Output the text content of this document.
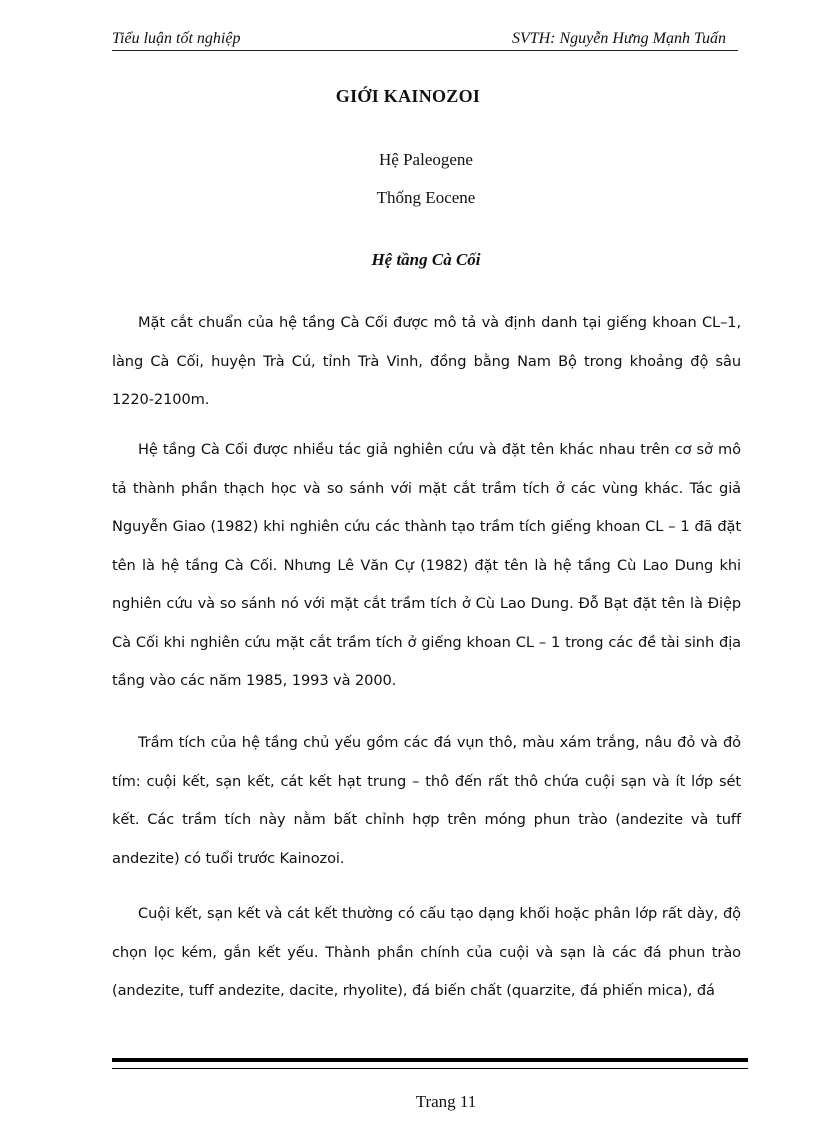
Tiểu luận tốt nghiệp	SVTH: Nguyễn Hưng Mạnh Tuấn
GIỚI KAINOZOI
Hệ Paleogene
Thống Eocene
Hệ tầng Cà Cối

Mặt cắt chuẩn của hệ tầng Cà Cối được mô tả và định danh tại giếng khoan CL–1, làng Cà Cối, huyện Trà Cú, tỉnh Trà Vinh, đồng bằng Nam Bộ trong khoảng độ sâu 1220-2100m.

Hệ tầng Cà Cối được nhiều tác giả nghiên cứu và đặt tên khác nhau trên cơ sở mô tả thành phần thạch học và so sánh với mặt cắt trầm tích ở các vùng khác. Tác giả Nguyễn Giao (1982) khi nghiên cứu các thành tạo trầm tích giếng khoan CL – 1 đã đặt tên là hệ tầng Cà Cối. Nhưng Lê Văn Cự (1982) đặt tên là hệ tầng Cù Lao Dung khi nghiên cứu và so sánh nó với mặt cắt trầm tích ở Cù Lao Dung. Đỗ Bạt đặt tên là Điệp Cà Cối khi nghiên cứu mặt cắt trầm tích ở giếng khoan CL – 1 trong các đề tài sinh địa tầng vào các năm 1985, 1993 và 2000.

Trầm tích của hệ tầng chủ yếu gồm các đá vụn thô, màu xám trắng, nâu đỏ và đỏ tím: cuội kết, sạn kết, cát kết hạt trung – thô đến rất thô chứa cuội sạn và ít lớp sét kết. Các trầm tích này nằm bất chỉnh hợp trên móng phun trào (andezite và tuff andezite) có tuổi trước Kainozoi.

Cuội kết, sạn kết và cát kết thường có cấu tạo dạng khối hoặc phân lớp rất dày, độ chọn lọc kém, gắn kết yếu. Thành phần chính của cuội và sạn là các đá phun trào (andezite, tuff andezite, dacite, rhyolite), đá biến chất (quarzite, đá phiến mica), đá

Trang 11
